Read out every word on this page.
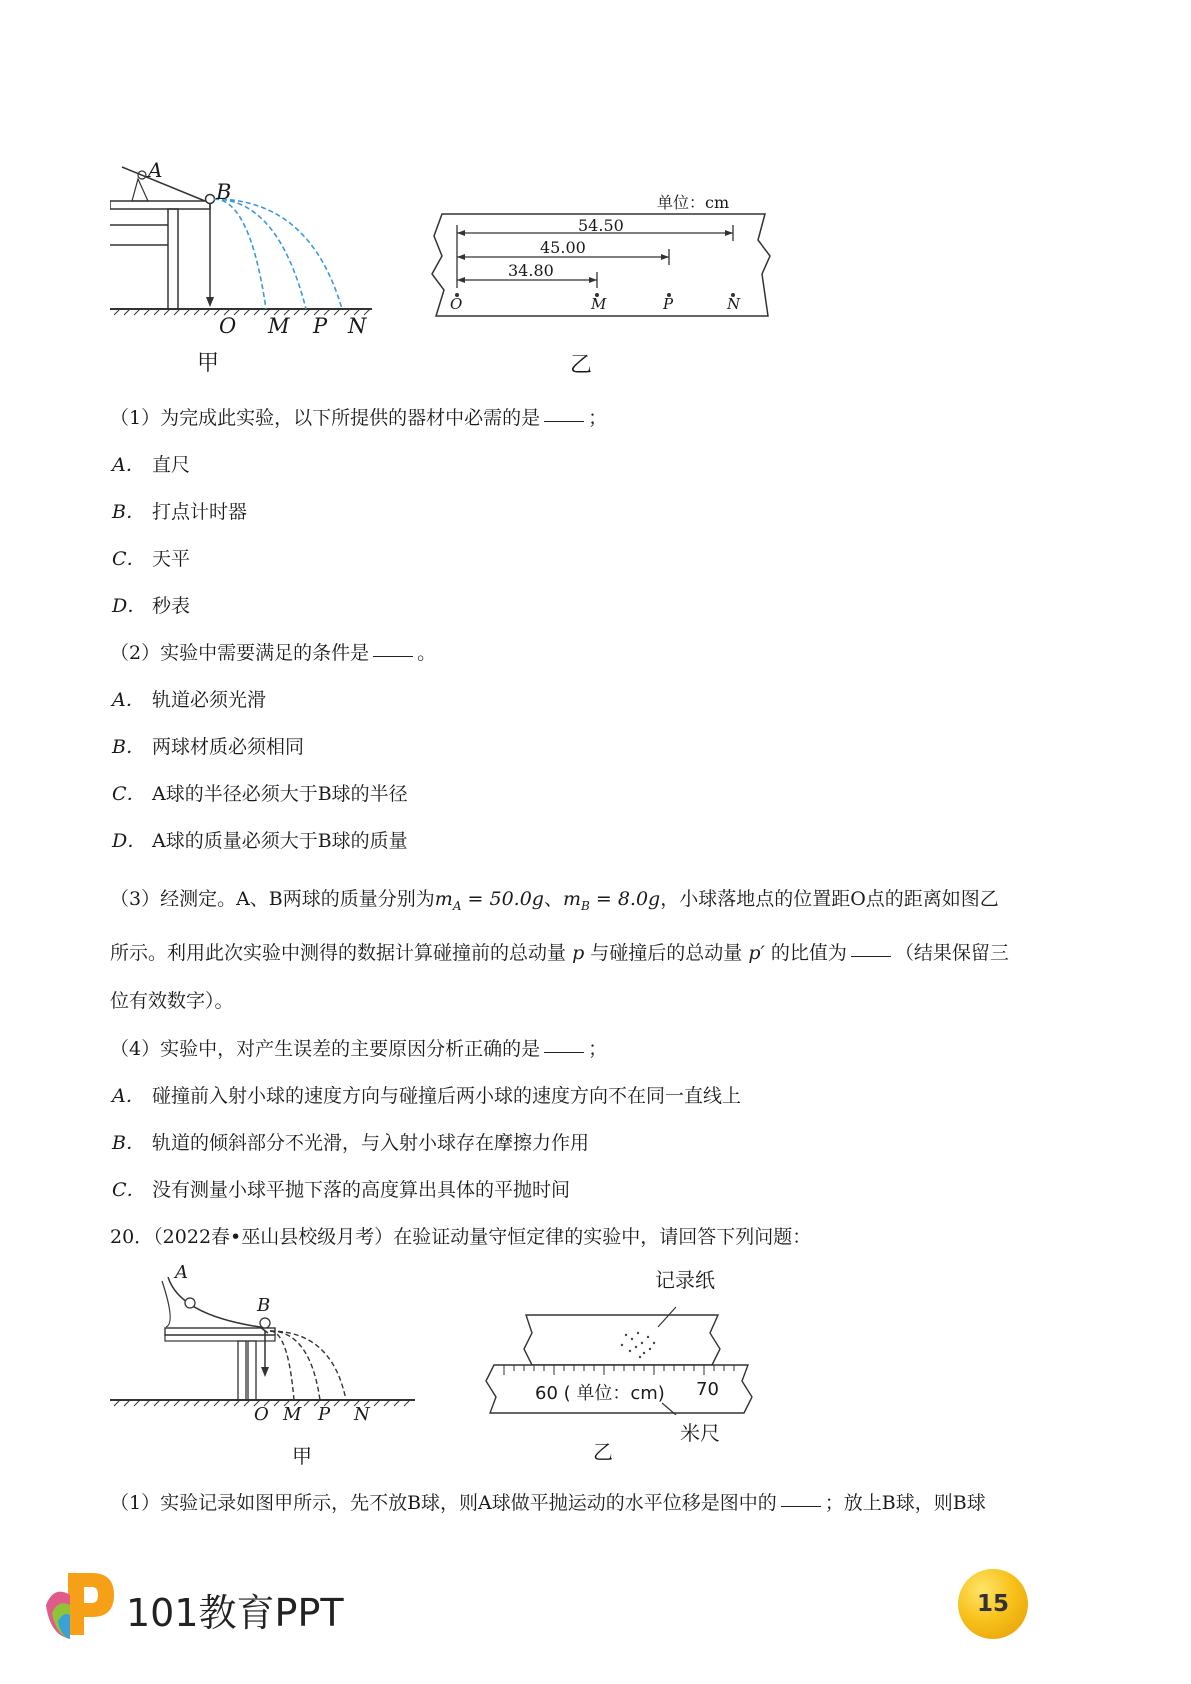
A
B
O M P N
甲
单位：cm
54.50
45.00
34.80
O	M	P	N
乙
（1）为完成此实验，以下所提供的器材中必需的是	；
A． 直尺
B． 打点计时器
C． 天平
D． 秒表
（2）实验中需要满足的条件是	。
A． 轨道必须光滑
B． 两球材质必须相同
C． A球的半径必须大于B球的半径
D． A球的质量必须大于B球的质量
（3）经测定。A、B两球的质量分别为$m_A = 50.0g$、$m_B = 8.0g$，小球落地点的位置距O点的距离如图乙
所示。利用此次实验中测得的数据计算碰撞前的总动量 p 与碰撞后的总动量 p′ 的比值为	（结果保留三
位有效数字）。
（4）实验中，对产生误差的主要原因分析正确的是	；
A． 碰撞前入射小球的速度方向与碰撞后两小球的速度方向不在同一直线上
B． 轨道的倾斜部分不光滑，与入射小球存在摩擦力作用
C． 没有测量小球平抛下落的高度算出具体的平抛时间
20．（2022春•巫山县校级月考）在验证动量守恒定律的实验中，请回答下列问题：
A
B
O M P N
甲
记录纸
60 ( 单位：cm) 70
米尺
乙
（1）实验记录如图甲所示，先不放B球，则A球做平抛运动的水平位移是图中的	；放上B球，则B球
101教育PPT	15
